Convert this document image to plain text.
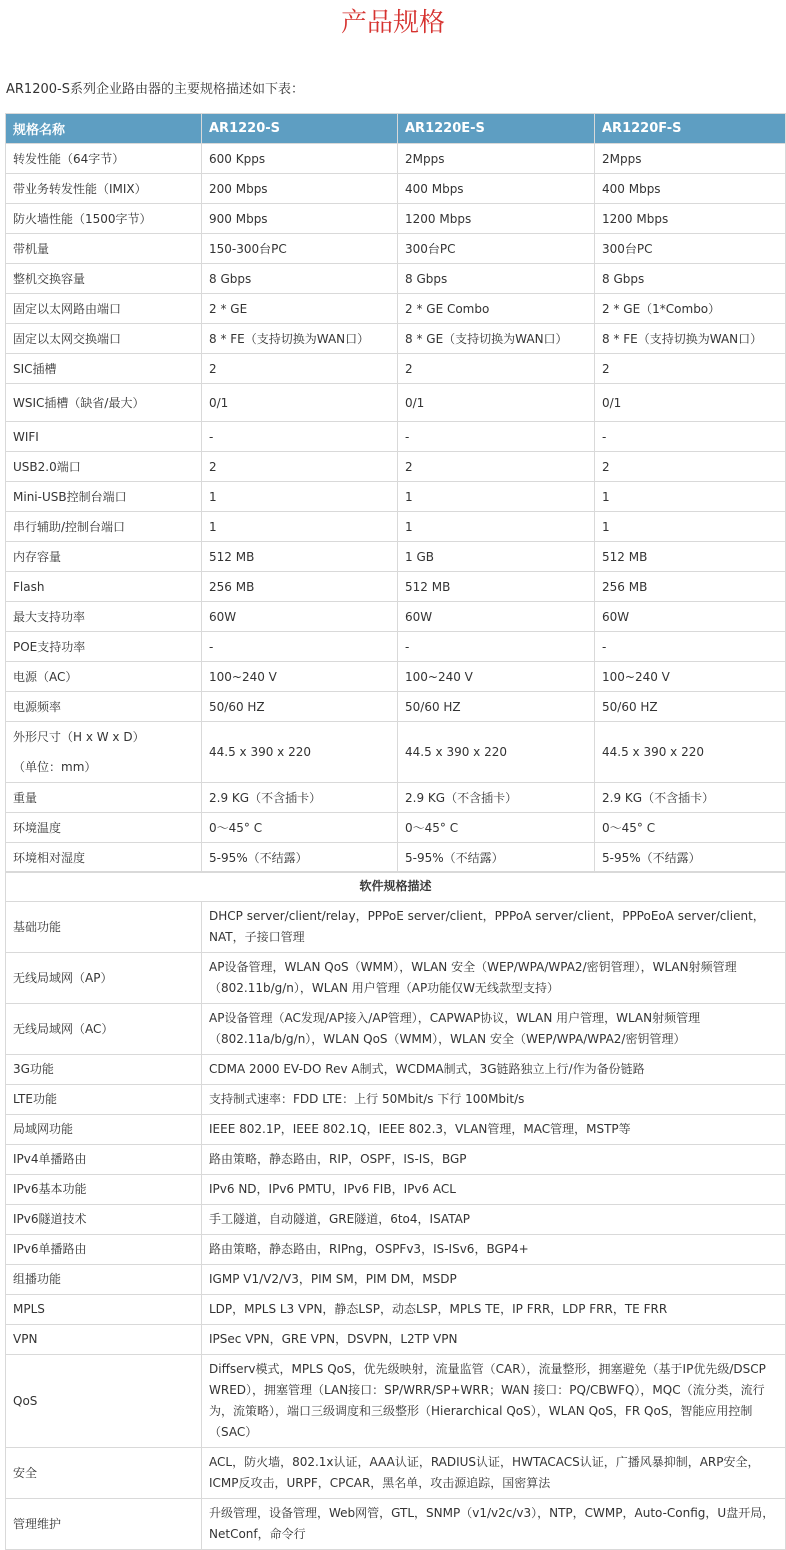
产品规格
AR1200-S系列企业路由器的主要规格描述如下表：
规格名称	AR1220-S	AR1220E-S	AR1220F-S
转发性能（64字节）	600 Kpps	2Mpps	2Mpps
带业务转发性能（IMIX）	200 Mbps	400 Mbps	400 Mbps
防火墙性能（1500字节）	900 Mbps	1200 Mbps	1200 Mbps
带机量	150-300台PC	300台PC	300台PC
整机交换容量	8 Gbps	8 Gbps	8 Gbps
固定以太网路由端口	2 * GE	2 * GE Combo	2 * GE（1*Combo）
固定以太网交换端口	8 * FE（支持切换为WAN口）	8 * GE（支持切换为WAN口）	8 * FE（支持切换为WAN口）
SIC插槽	2	2	2
WSIC插槽（缺省/最大）	0/1	0/1	0/1
WIFI	-	-	-
USB2.0端口	2	2	2
Mini-USB控制台端口	1	1	1
串行辅助/控制台端口	1	1	1
内存容量	512 MB	1 GB	512 MB
Flash	256 MB	512 MB	256 MB
最大支持功率	60W	60W	60W
POE支持功率	-	-	-
电源（AC）	100~240 V	100~240 V	100~240 V
电源频率	50/60 HZ	50/60 HZ	50/60 HZ
外形尺寸（H x W x D）
（单位：mm）	44.5 x 390 x 220	44.5 x 390 x 220	44.5 x 390 x 220
重量	2.9 KG（不含插卡）	2.9 KG（不含插卡）	2.9 KG（不含插卡）
环境温度	0～45° C	0～45° C	0～45° C
环境相对湿度	5-95%（不结露）	5-95%（不结露）	5-95%（不结露）
软件规格描述	
基础功能	DHCP server/client/relay，PPPoE server/client，PPPoA server/client，PPPoEoA server/client，NAT，子接口管理
无线局域网（AP）	AP设备管理，WLAN QoS（WMM），WLAN 安全（WEP/WPA/WPA2/密钥管理），WLAN射频管理（802.11b/g/n），WLAN 用户管理（AP功能仅W无线款型支持）
无线局域网（AC）	AP设备管理（AC发现/AP接入/AP管理），CAPWAP协议，WLAN 用户管理，WLAN射频管理（802.11a/b/g/n），WLAN QoS（WMM），WLAN 安全（WEP/WPA/WPA2/密钥管理）
3G功能	CDMA 2000 EV-DO Rev A制式，WCDMA制式，3G链路独立上行/作为备份链路
LTE功能	支持制式速率：FDD LTE：上行 50Mbit/s 下行 100Mbit/s
局域网功能	IEEE 802.1P，IEEE 802.1Q，IEEE 802.3，VLAN管理，MAC管理，MSTP等
IPv4单播路由	路由策略，静态路由，RIP，OSPF，IS-IS，BGP
IPv6基本功能	IPv6 ND，IPv6 PMTU，IPv6 FIB，IPv6 ACL
IPv6隧道技术	手工隧道，自动隧道，GRE隧道，6to4，ISATAP
IPv6单播路由	路由策略，静态路由，RIPng，OSPFv3，IS-ISv6，BGP4+
组播功能	IGMP V1/V2/V3，PIM SM，PIM DM，MSDP
MPLS	LDP，MPLS L3 VPN，静态LSP，动态LSP，MPLS TE，IP FRR，LDP FRR，TE FRR
VPN	IPSec VPN，GRE VPN，DSVPN，L2TP VPN
QoS	Diffserv模式，MPLS QoS，优先级映射，流量监管（CAR），流量整形，拥塞避免（基于IP优先级/DSCP WRED），拥塞管理（LAN接口：SP/WRR/SP+WRR；WAN 接口：PQ/CBWFQ），MQC（流分类，流行为，流策略），端口三级调度和三级整形（Hierarchical QoS），WLAN QoS，FR QoS，智能应用控制（SAC）
安全	ACL，防火墙，802.1x认证，AAA认证，RADIUS认证，HWTACACS认证，广播风暴抑制，ARP安全，ICMP反攻击，URPF，CPCAR，黑名单，攻击源追踪，国密算法
管理维护	升级管理，设备管理，Web网管，GTL，SNMP（v1/v2c/v3），NTP，CWMP，Auto-Config，U盘开局，NetConf，命令行
